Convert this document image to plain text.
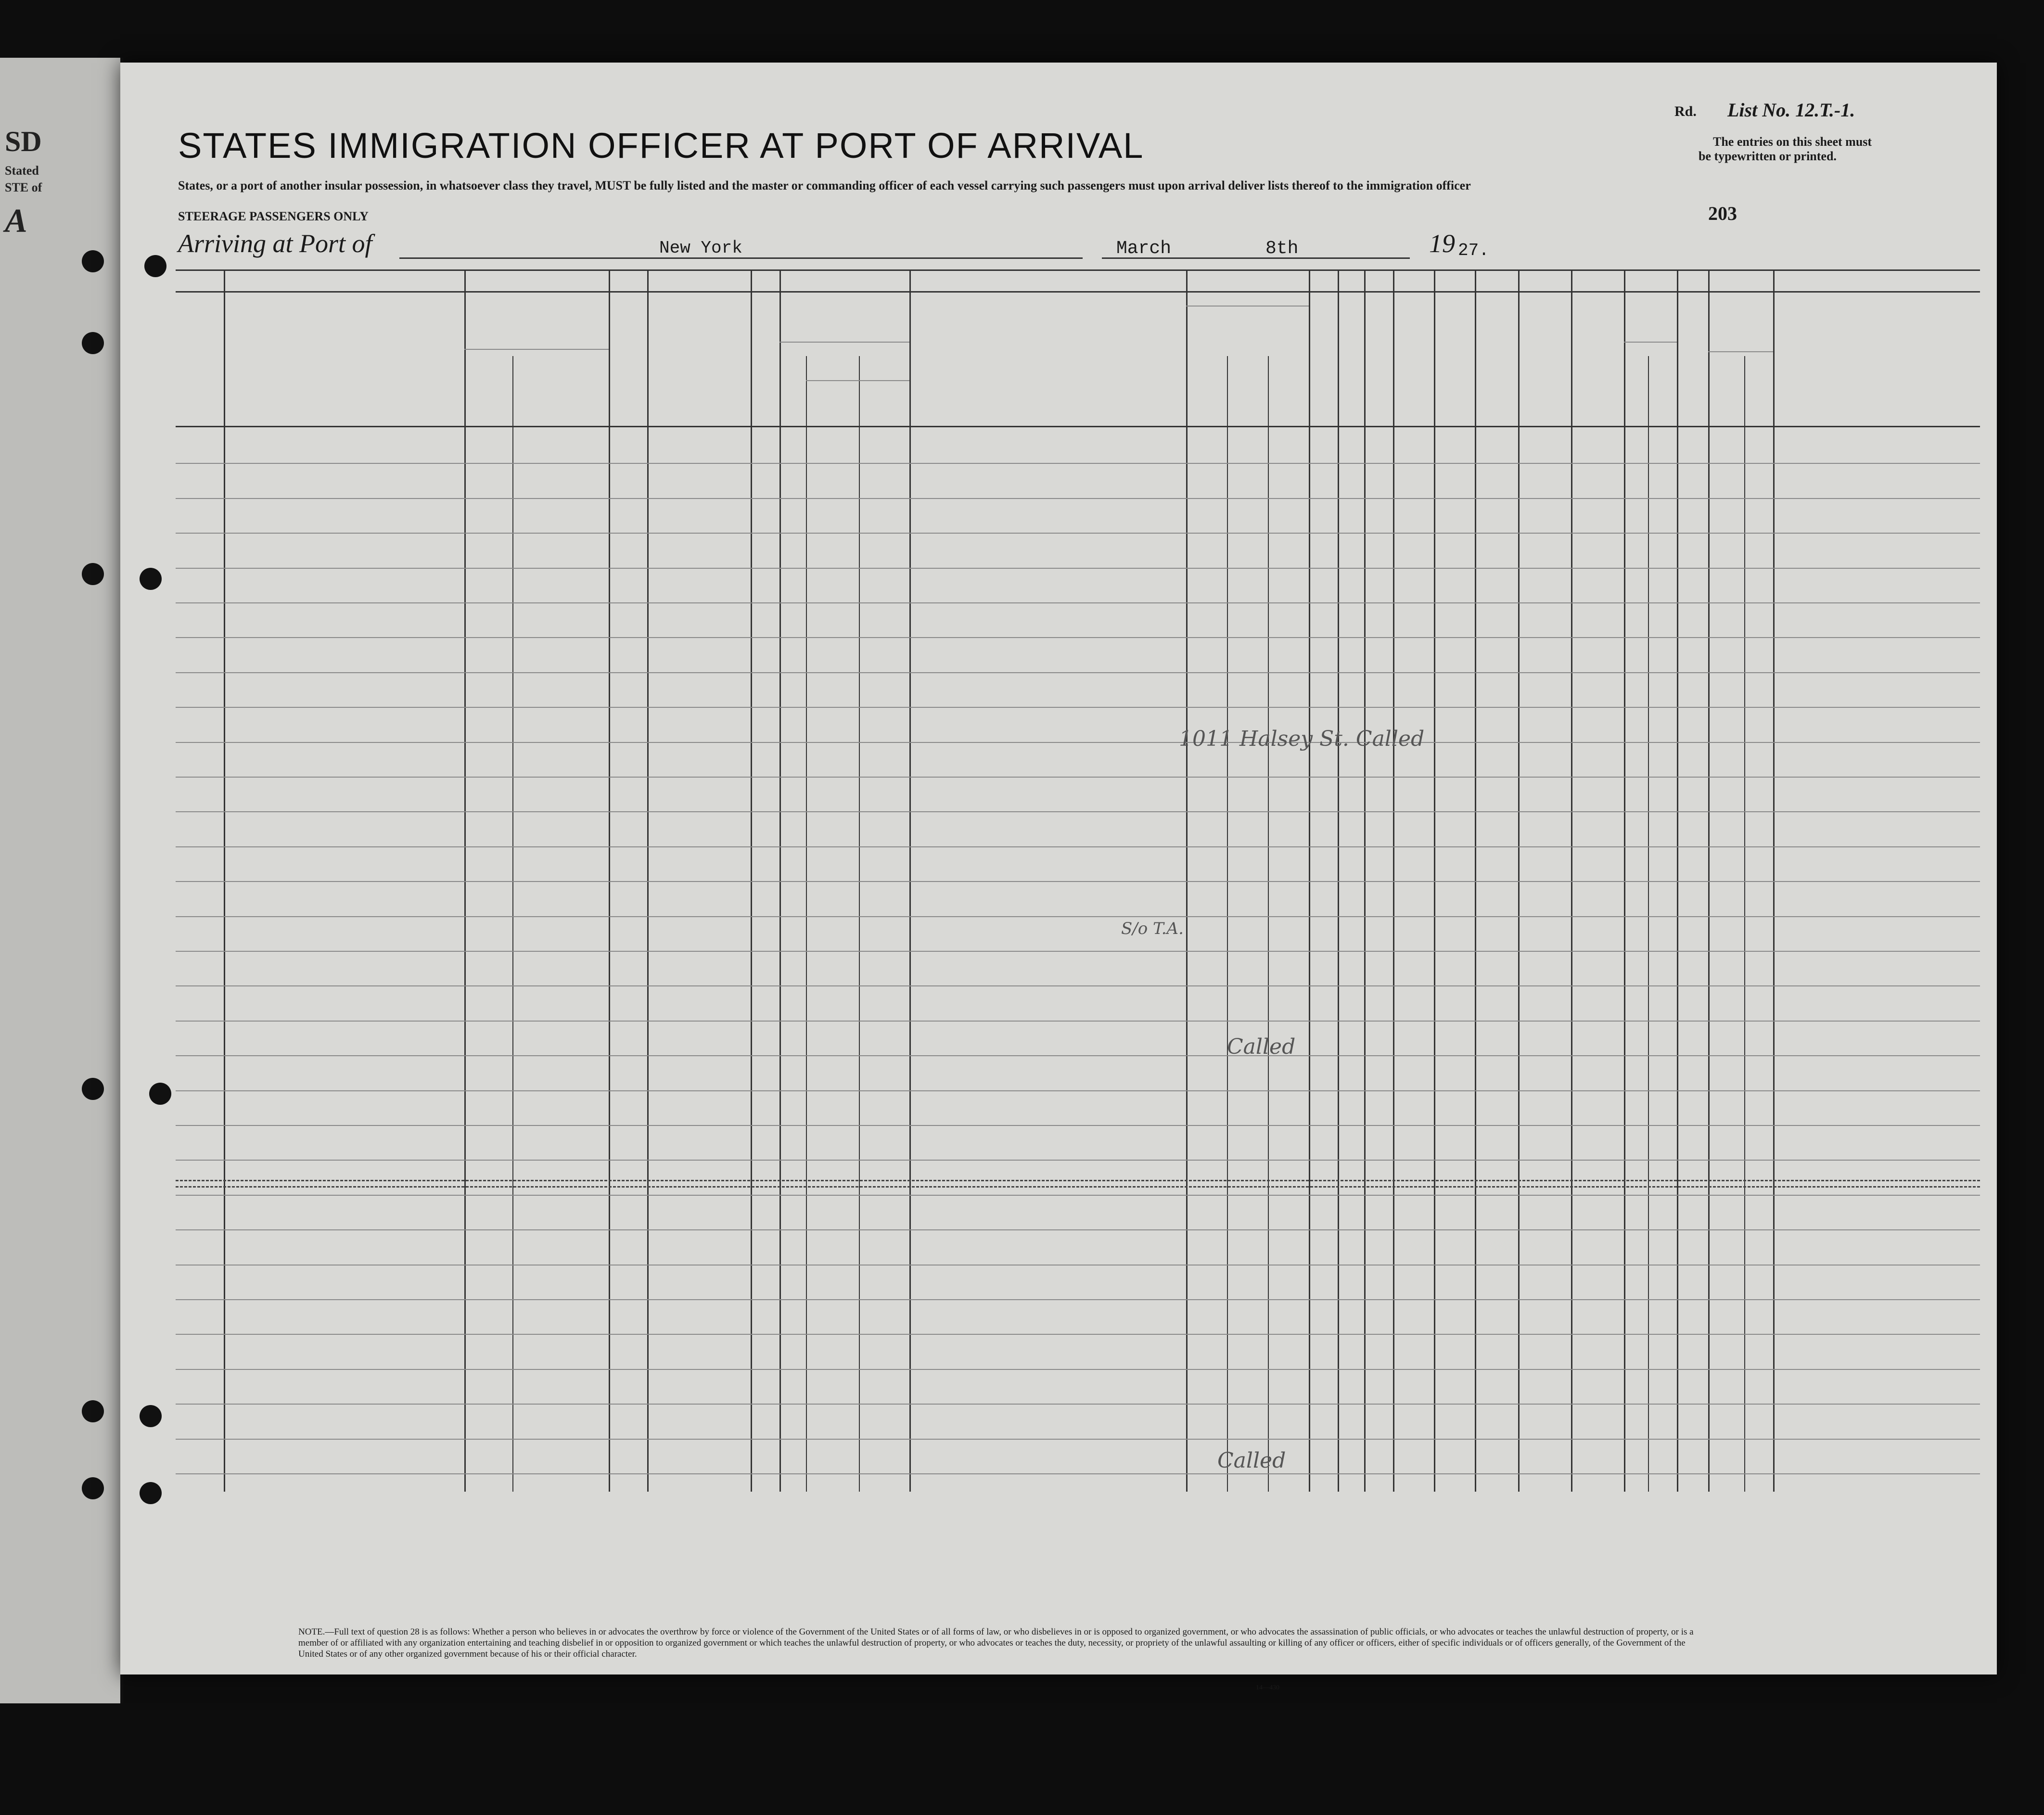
SD
Stated
STE of
A
STATES IMMIGRATION OFFICER AT PORT OF ARRIVAL
States, or a port of another insular possession, in whatsoever class they travel, MUST be fully listed and the master or commanding officer of each vessel carrying such passengers must upon arrival deliver lists thereof to the immigration officer
STEERAGE PASSENGERS ONLY
Rd. List No. 12.T.-1.
The entries on this sheet must
be typewritten or printed.
203
Arriving at Port of	New York	March	8th	19 27.
NOTE.—Full text of question 28 is as follows: Whether a person who believes in or advocates the overthrow by force or violence of the Government of the United States or of all forms of law, or who disbelieves in or is opposed to organized government, or who advocates the assassination of public officials, or who advocates or teaches the unlawful destruction of property, or is a member of or affiliated with any organization entertaining and teaching disbelief in or opposition to organized government or which teaches the unlawful destruction of property, or who advocates or teaches the duty, necessity, or propriety of the unlawful assaulting or killing of any officer or officers, either of specific individuals or of officers generally, of the Government of the United States or of any other organized government because of his or their official character.
14—430
1011 Halsey St. Called
Called
Called
S/o T.A.
